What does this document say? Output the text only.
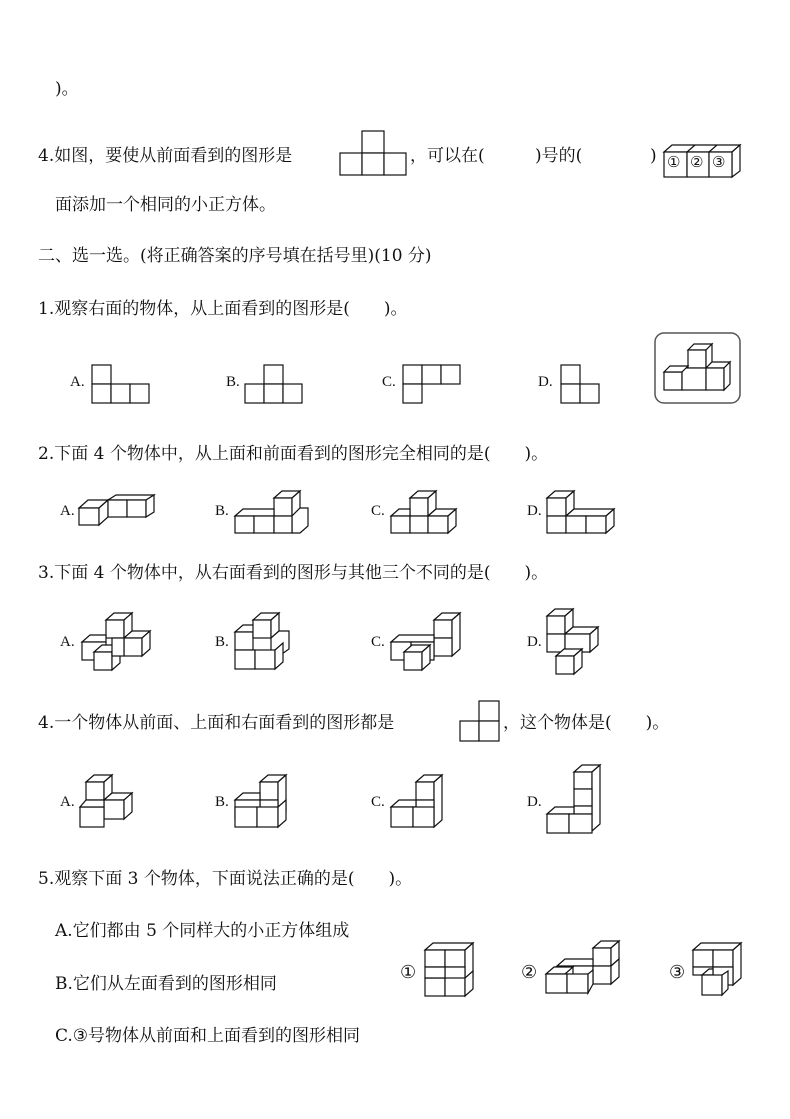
)。
4.如图，要使从前面看到的图形是	，可以在(	)号的(	) ① ② ③
面添加一个相同的小正方体。
二、选一选。(将正确答案的序号填在括号里)(10 分)
1.观察右面的物体，从上面看到的图形是(　　)。
A.	B.	C.	D.
2.下面 4 个物体中，从上面和前面看到的图形完全相同的是(　　)。
A.	B.	C.	D.
3.下面 4 个物体中，从右面看到的图形与其他三个不同的是(　　)。
A.	B.	C.	D.
4.一个物体从前面、上面和右面看到的图形都是	，这个物体是(　　)。
A.	B.	C.	D.
5.观察下面 3 个物体，下面说法正确的是(　　)。
A.它们都由 5 个同样大的小正方体组成
B.它们从左面看到的图形相同
C.③号物体从前面和上面看到的图形相同
①	②	③
